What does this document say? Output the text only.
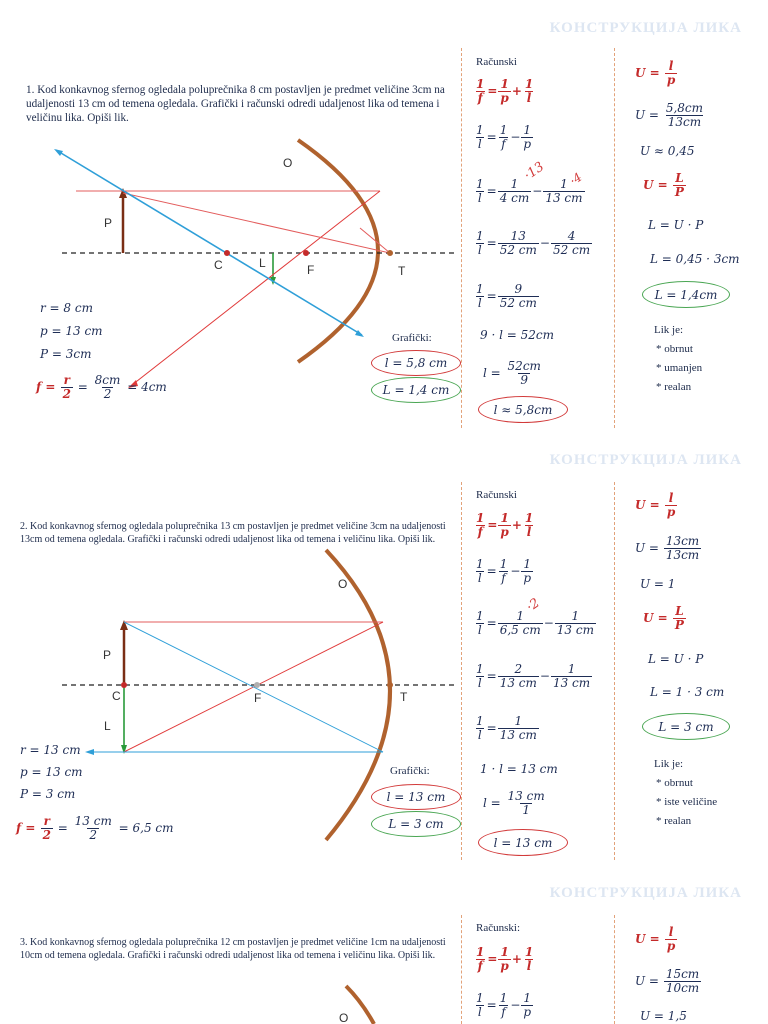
КОНСТРУКЦИЈА ЛИКА
1. Kod konkavnog sfernog ogledala poluprečnika 8 cm postavljen je predmet veličine 3cm na udaljenosti 13 cm od temena ogledala. Grafički i računski odredi udaljenost lika od temena i veličinu lika. Opiši lik.
O
P
C	L	F	T
r = 8 cm
p = 13 cm
P = 3cm
$f = \frac{r}{2} = \frac{8cm}{2} = 4cm$
Grafički:
l = 5,8 cm
L = 1,4 cm
Računski
$\frac{1}{f} = \frac{1}{p} + \frac{1}{l}$
$\frac{1}{l} = \frac{1}{f} - \frac{1}{p}$
$\frac{1}{l} = \frac{1}{4 cm} - \frac{1}{13 cm}$
·13 ·4
$\frac{1}{l} = \frac{13}{52 cm} - \frac{4}{52 cm}$
$\frac{1}{l} = \frac{9}{52 cm}$
9 · l = 52cm
$l = \frac{52cm}{9}$
l ≈ 5,8cm
$U = \frac{l}{p}$
$U = \frac{5,8cm}{13cm}$
U ≈ 0,45
$U = \frac{L}{P}$
L = U · P
L = 0,45 · 3cm
L = 1,4cm
Lik je:
* obrnut
* umanjen
* realan
КОНСТРУКЦИЈА ЛИКА
2. Kod konkavnog sfernog ogledala poluprečnika 13 cm postavljen je predmet veličine 3cm na udaljenosti 13cm od temena ogledala. Grafički i računski odredi udaljenost lika od temena i veličinu lika. Opiši lik.
O
P
C
L
F	T
r = 13 cm
p = 13 cm
P = 3 cm
$f = \frac{r}{2} = \frac{13 cm}{2} = 6,5$ cm
Grafički:
l = 13 cm
L = 3 cm
Računski
$\frac{1}{f} = \frac{1}{p} + \frac{1}{l}$
$\frac{1}{l} = \frac{1}{f} - \frac{1}{p}$
$\frac{1}{l} = \frac{1}{6,5 cm} - \frac{1}{13 cm}$
·2
$\frac{1}{l} = \frac{2}{13 cm} - \frac{1}{13 cm}$
$\frac{1}{l} = \frac{1}{13 cm}$
1 · l = 13 cm
$l = \frac{13 cm}{1}$
l = 13 cm
$U = \frac{l}{p}$
$U = \frac{13cm}{13cm}$
U = 1
$U = \frac{L}{P}$
L = U · P
L = 1 · 3 cm
L = 3 cm
Lik je:
* obrnut
* iste veličine
* realan
КОНСТРУКЦИЈА ЛИКА
3. Kod konkavnog sfernog ogledala poluprečnika 12 cm postavljen je predmet veličine 1cm na udaljenosti 10cm od temena ogledala. Grafički i računski odredi udaljenost lika od temena i veličinu lika. Opiši lik.
O
Računski:
$\frac{1}{f} = \frac{1}{p} + \frac{1}{l}$
$\frac{1}{l} = \frac{1}{f} - \frac{1}{p}$
$U = \frac{l}{p}$
$U = \frac{15cm}{10cm}$
U = 1,5
